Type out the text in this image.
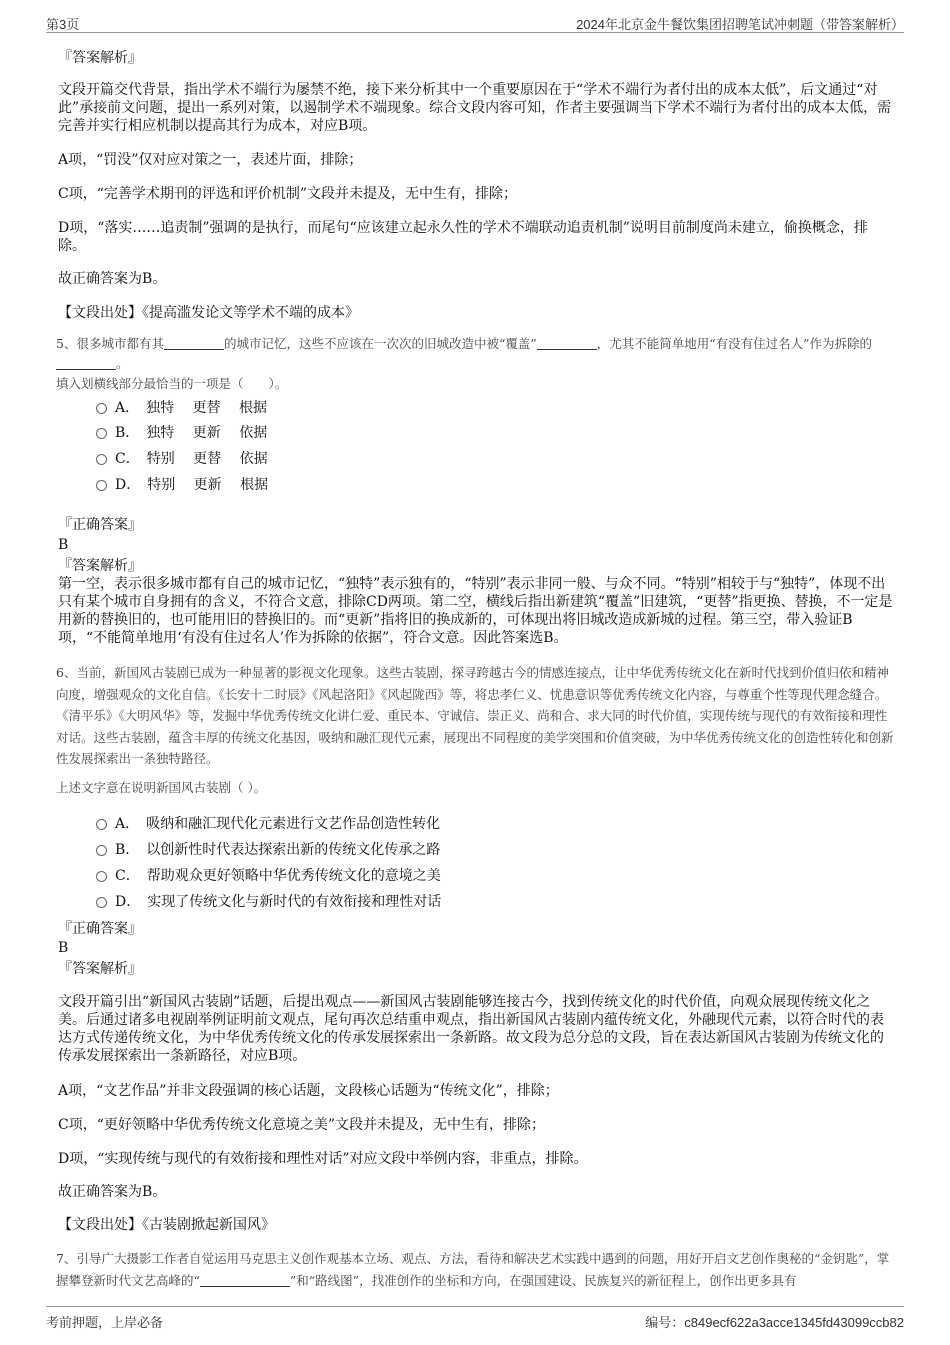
第3页	2024年北京金牛餐饮集团招聘笔试冲刺题（带答案解析）
『答案解析』
文段开篇交代背景，指出学术不端行为屡禁不绝，接下来分析其中一个重要原因在于“学术不端行为者付出的成本太低”，后文通过“对此”承接前文问题，提出一系列对策，以遏制学术不端现象。综合文段内容可知，作者主要强调当下学术不端行为者付出的成本太低，需完善并实行相应机制以提高其行为成本，对应B项。
A项，“罚没”仅对应对策之一，表述片面，排除；
C项，“完善学术期刊的评选和评价机制”文段并未提及，无中生有，排除；
D项，“落实……追责制”强调的是执行，而尾句“应该建立起永久性的学术不端联动追责机制”说明目前制度尚未建立，偷换概念，排除。
故正确答案为B。
【文段出处】《提高滥发论文等学术不端的成本》
5、很多城市都有其	的城市记忆，这些不应该在一次次的旧城改造中被“覆盖”	，尤其不能简单地用“有没有住过名人”作为拆除的。
填入划横线部分最恰当的一项是（　　）。
A．　独特　 更替　 根据
B．　独特　 更新　 依据
C．　特别　 更替　 依据
D．　特别　 更新　 根据
『正确答案』
B
『答案解析』
第一空，表示很多城市都有自己的城市记忆，“独特”表示独有的，“特别”表示非同一般、与众不同。“特别”相较于与“独特”，体现不出只有某个城市自身拥有的含义，不符合文意，排除CD两项。第二空，横线后指出新建筑“覆盖”旧建筑，“更替”指更换、替换，不一定是用新的替换旧的，也可能用旧的替换旧的。而“更新”指将旧的换成新的，可体现出将旧城改造成新城的过程。第三空，带入验证B项，“不能简单地用‘有没有住过名人’作为拆除的依据”，符合文意。因此答案选B。
6、当前，新国风古装剧已成为一种显著的影视文化现象。这些古装剧，探寻跨越古今的情感连接点，让中华优秀传统文化在新时代找到价值归依和精神向度，增强观众的文化自信。《长安十二时辰》《风起洛阳》《风起陇西》等，将忠孝仁义、忧患意识等优秀传统文化内容，与尊重个性等现代理念缝合。《清平乐》《大明风华》等，发掘中华优秀传统文化讲仁爱、重民本、守诚信、崇正义、尚和合、求大同的时代价值，实现传统与现代的有效衔接和理性对话。这些古装剧，蕴含丰厚的传统文化基因，吸纳和融汇现代元素，展现出不同程度的美学突围和价值突破，为中华优秀传统文化的创造性转化和创新性发展探索出一条独特路径。
上述文字意在说明新国风古装剧（ ）。
A．　吸纳和融汇现代化元素进行文艺作品创造性转化
B．　以创新性时代表达探索出新的传统文化传承之路
C．　帮助观众更好领略中华优秀传统文化的意境之美
D．　实现了传统文化与新时代的有效衔接和理性对话
『正确答案』
B
『答案解析』
文段开篇引出“新国风古装剧”话题，后提出观点——新国风古装剧能够连接古今，找到传统文化的时代价值，向观众展现传统文化之美。后通过诸多电视剧举例证明前文观点，尾句再次总结重申观点，指出新国风古装剧内蕴传统文化，外融现代元素，以符合时代的表达方式传递传统文化，为中华优秀传统文化的传承发展探索出一条新路。故文段为总分总的文段，旨在表达新国风古装剧为传统文化的传承发展探索出一条新路径，对应B项。
A项，“文艺作品”并非文段强调的核心话题，文段核心话题为“传统文化”，排除；
C项，“更好领略中华优秀传统文化意境之美”文段并未提及，无中生有，排除；
D项，“实现传统与现代的有效衔接和理性对话”对应文段中举例内容，非重点，排除。
故正确答案为B。
【文段出处】《古装剧掀起新国风》
7、引导广大摄影工作者自觉运用马克思主义创作观基本立场、观点、方法，看待和解决艺术实践中遇到的问题，用好开启文艺创作奥秘的“金钥匙”，掌握攀登新时代文艺高峰的“	”和“路线图”，找准创作的坐标和方向，在强国建设、民族复兴的新征程上，创作出更多具有
考前押题，上岸必备	编号：c849ecf622a3acce1345fd43099ccb82
